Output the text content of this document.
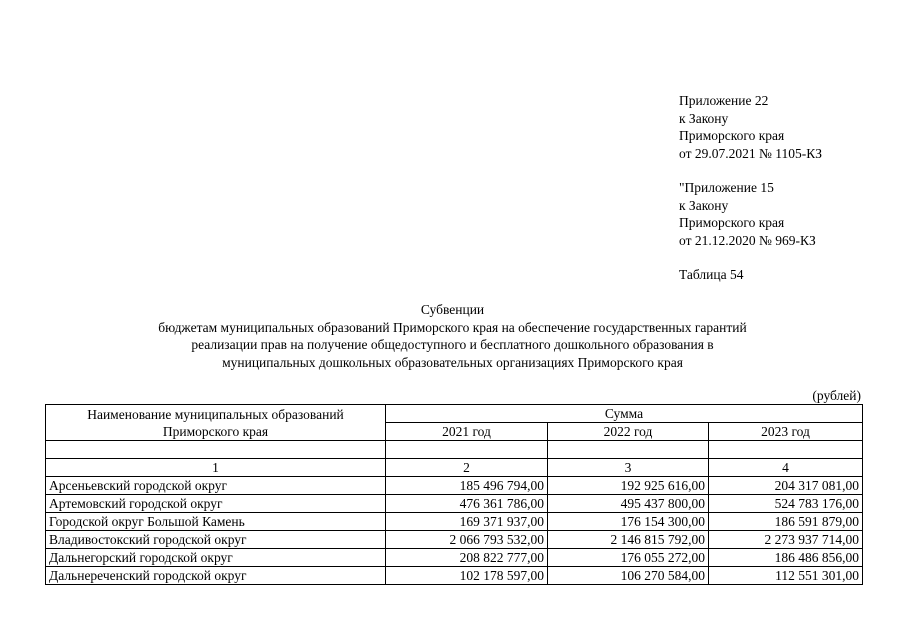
Приложение 22
к Закону
Приморского края
от 29.07.2021 № 1105-КЗ
"Приложение 15
к Закону
Приморского края
от 21.12.2020 № 969-КЗ
Таблица 54
Субвенции
бюджетам муниципальных образований Приморского края на обеспечение государственных гарантий
реализации прав на получение общедоступного и бесплатного дошкольного образования в
муниципальных дошкольных образовательных организациях Приморского края
(рублей)
Наименование муниципальных образований Приморского края	Сумма		
	2021 год	2022 год	2023 год

1	2	3	4
Арсеньевский городской округ	185 496 794,00	192 925 616,00	204 317 081,00
Артемовский городской округ	476 361 786,00	495 437 800,00	524 783 176,00
Городской округ Большой Камень	169 371 937,00	176 154 300,00	186 591 879,00
Владивостокский городской округ	2 066 793 532,00	2 146 815 792,00	2 273 937 714,00
Дальнегорский городской округ	208 822 777,00	176 055 272,00	186 486 856,00
Дальнереченский городской округ	102 178 597,00	106 270 584,00	112 551 301,00
